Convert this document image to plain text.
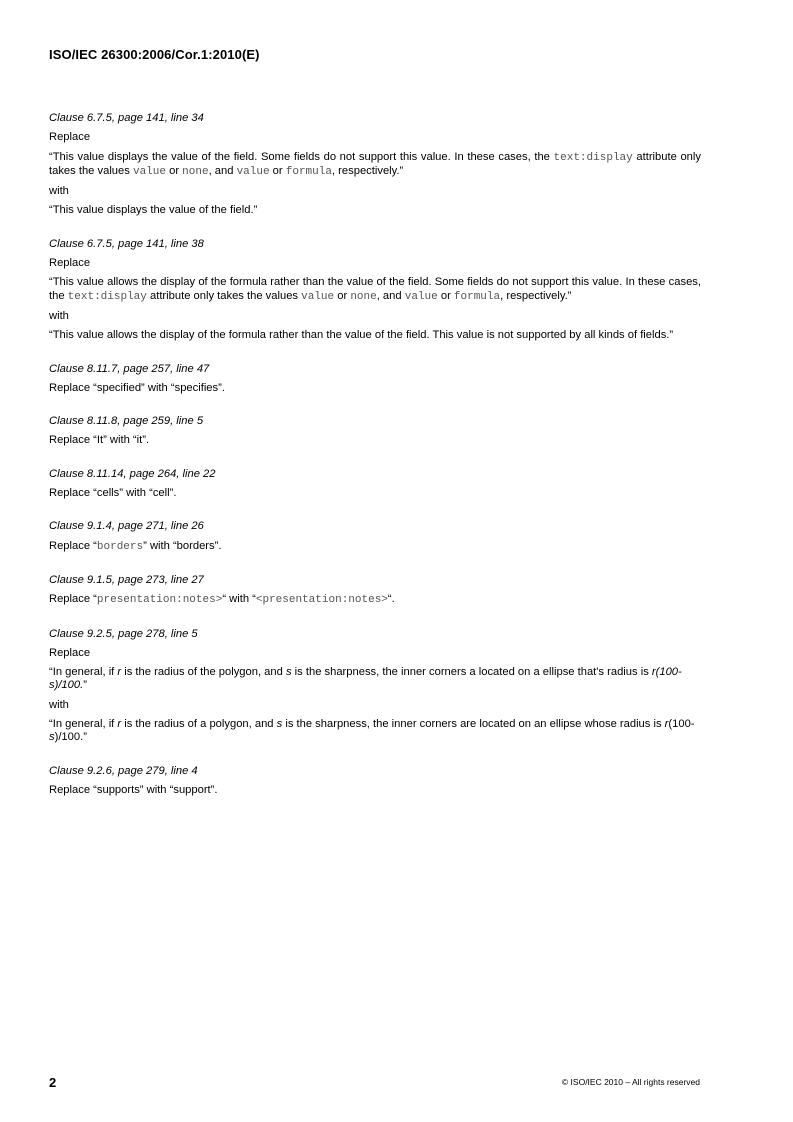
ISO/IEC 26300:2006/Cor.1:2010(E)
Clause 6.7.5, page 141, line 34
Replace
“This value displays the value of the field. Some fields do not support this value. In these cases, the text:display attribute only takes the values value or none, and value or formula, respectively.”
with
“This value displays the value of the field.”
Clause 6.7.5, page 141, line 38
Replace
“This value allows the display of the formula rather than the value of the field. Some fields do not support this value. In these cases, the text:display attribute only takes the values value or none, and value or formula, respectively.”
with
“This value allows the display of the formula rather than the value of the field. This value is not supported by all kinds of fields.”
Clause 8.11.7, page 257, line 47
Replace “specified” with “specifies”.
Clause 8.11.8, page 259, line 5
Replace “It” with “it”.
Clause 8.11.14, page 264, line 22
Replace “cells” with “cell”.
Clause 9.1.4, page 271, line 26
Replace “borders” with “borders”.
Clause 9.1.5, page 273, line 27
Replace “presentation:notes>“ with “<presentation:notes>“.
Clause 9.2.5, page 278, line 5
Replace
“In general, if r is the radius of the polygon, and s is the sharpness, the inner corners a located on a ellipse that's radius is r(100-s)/100.”
with
“In general, if r is the radius of a polygon, and s is the sharpness, the inner corners are located on an ellipse whose radius is r(100-s)/100.”
Clause 9.2.6, page 279, line 4
Replace “supports” with “support”.
2	© ISO/IEC 2010 – All rights reserved
